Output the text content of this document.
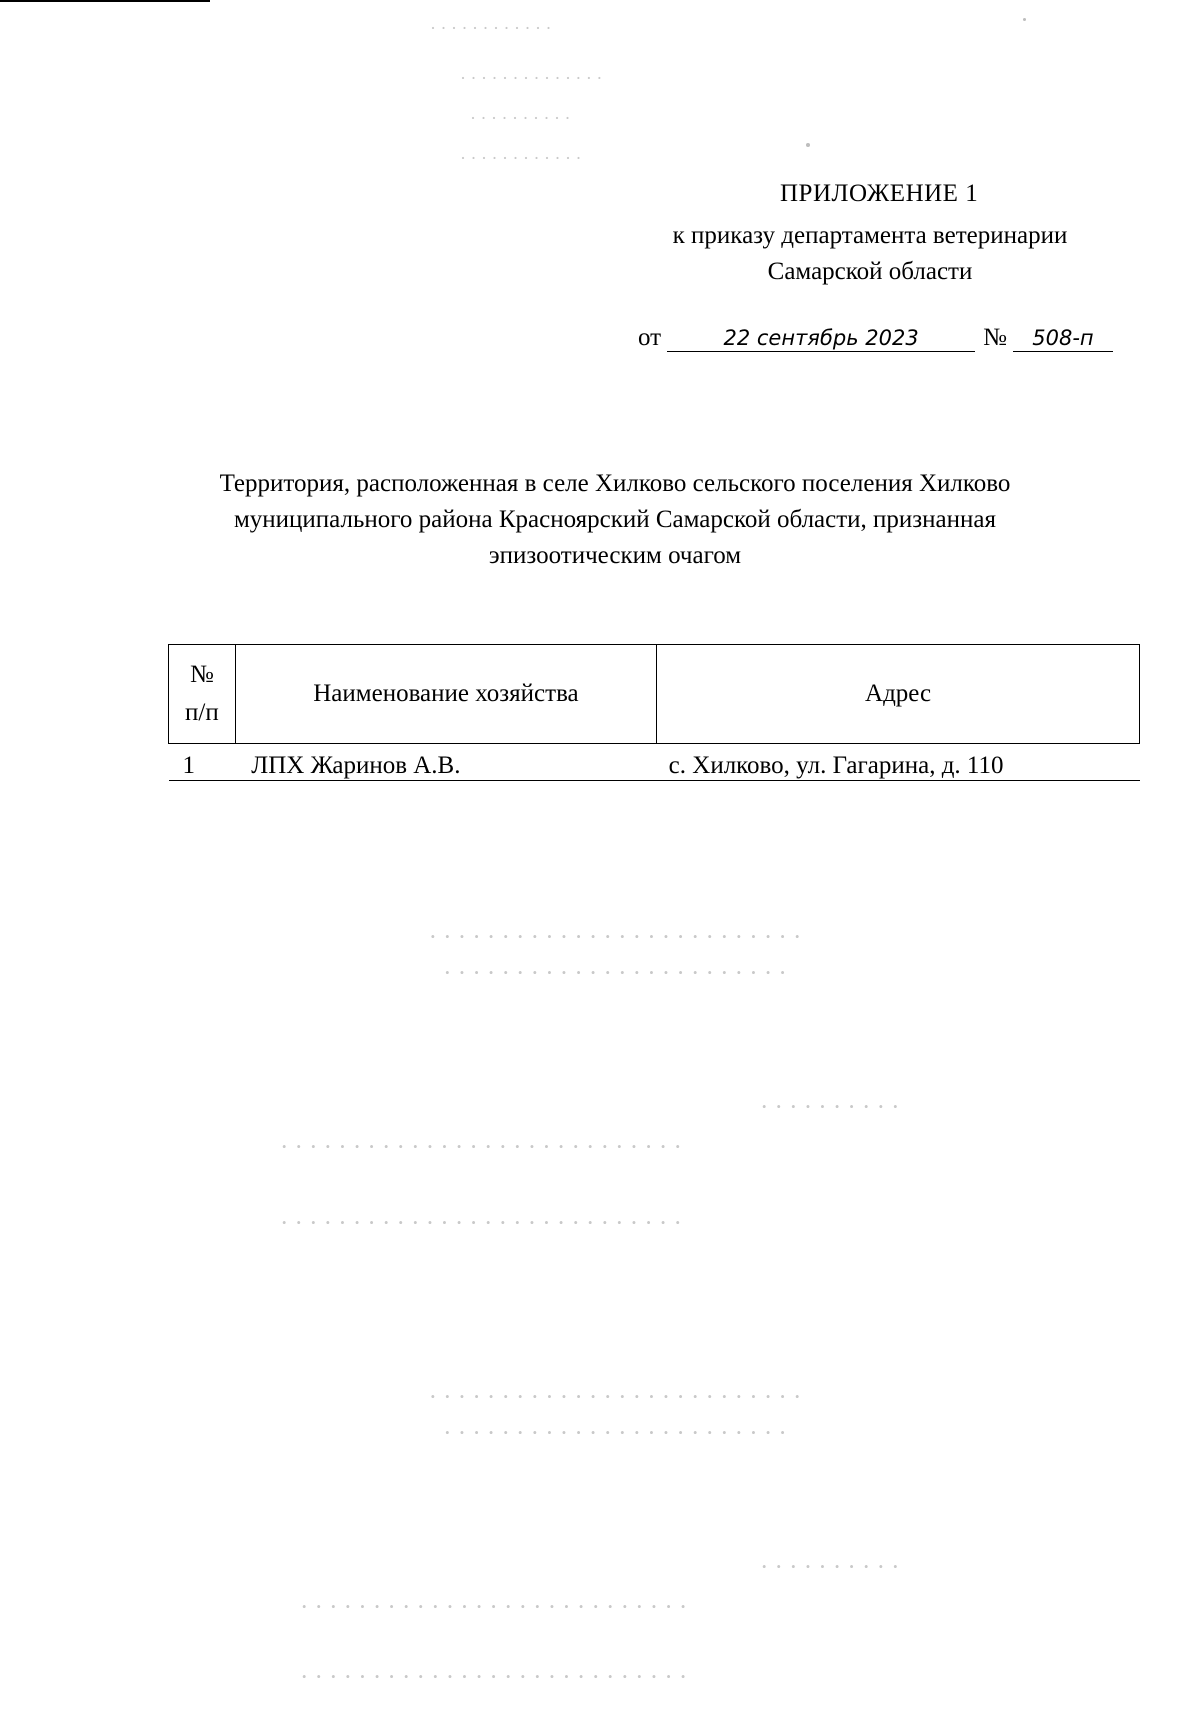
· · · · · · · · · · · ·
· · · · · · · · · · · · · ·
· · · · · · · · · ·
· · · · · · · · · · · ·
· · · · · · · · · · · · · · · · · · · · · · · · · ·
· · · · · · · · · · · · · · · · · · · · · · · ·
· · · · · · · · · ·
· · · · · · · · · · · · · · · · · · · · · · · · · · · ·
· · · · · · · · · · · · · · · · · · · · · · · · · · · ·
· · · · · · · · · · · · · · · · · · · · · · · · · ·
· · · · · · · · · · · · · · · · · · · · · · · ·
· · · · · · · · · ·
· · · · · · · · · · · · · · · · · · · · · · · · · · ·
· · · · · · · · · · · · · · · · · · · · · · · · · · ·
ПРИЛОЖЕНИЕ 1
к приказу департамента ветеринарии
Самарской области
от	22 сентябрь 2023	№ 508-п
Территория, расположенная в селе Хилково сельского поселения Хилково
муниципального района Красноярский Самарской области, признанная
эпизоотическим очагом
№
п/п	Наименование хозяйства	Адрес
1	ЛПХ Жаринов А.В.	с. Хилково, ул. Гагарина, д. 110
